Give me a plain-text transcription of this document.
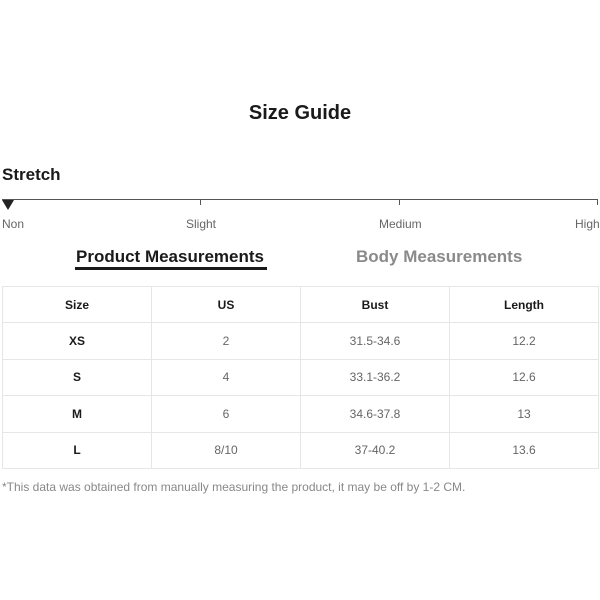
Size Guide
Stretch
Non	Slight	Medium	High
Product Measurements	Body Measurements
Size	US	Bust	Length
XS	2	31.5-34.6	12.2
S	4	33.1-36.2	12.6
M	6	34.6-37.8	13
L	8/10	37-40.2	13.6
*This data was obtained from manually measuring the product, it may be off by 1-2 CM.
